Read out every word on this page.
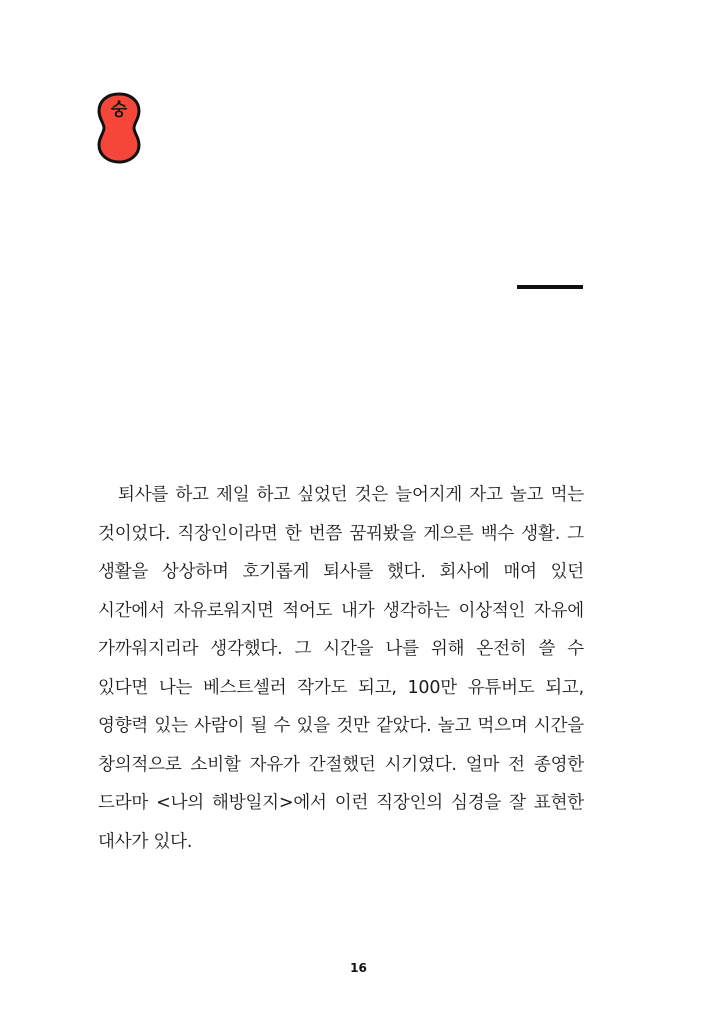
숭

퇴사를 하고 제일 하고 싶었던 것은 늘어지게 자고 놀고 먹는 것이었다. 직장인이라면 한 번쯤 꿈꿔봤을 게으른 백수 생활. 그 생활을 상상하며 호기롭게 퇴사를 했다. 회사에 매여 있던 시간에서 자유로워지면 적어도 내가 생각하는 이상적인 자유에 가까워지리라 생각했다. 그 시간을 나를 위해 온전히 쓸 수 있다면 나는 베스트셀러 작가도 되고, 100만 유튜버도 되고, 영향력 있는 사람이 될 수 있을 것만 같았다. 놀고 먹으며 시간을 창의적으로 소비할 자유가 간절했던 시기였다. 얼마 전 종영한 드라마 <나의 해방일지>에서 이런 직장인의 심경을 잘 표현한 대사가 있다.

16
